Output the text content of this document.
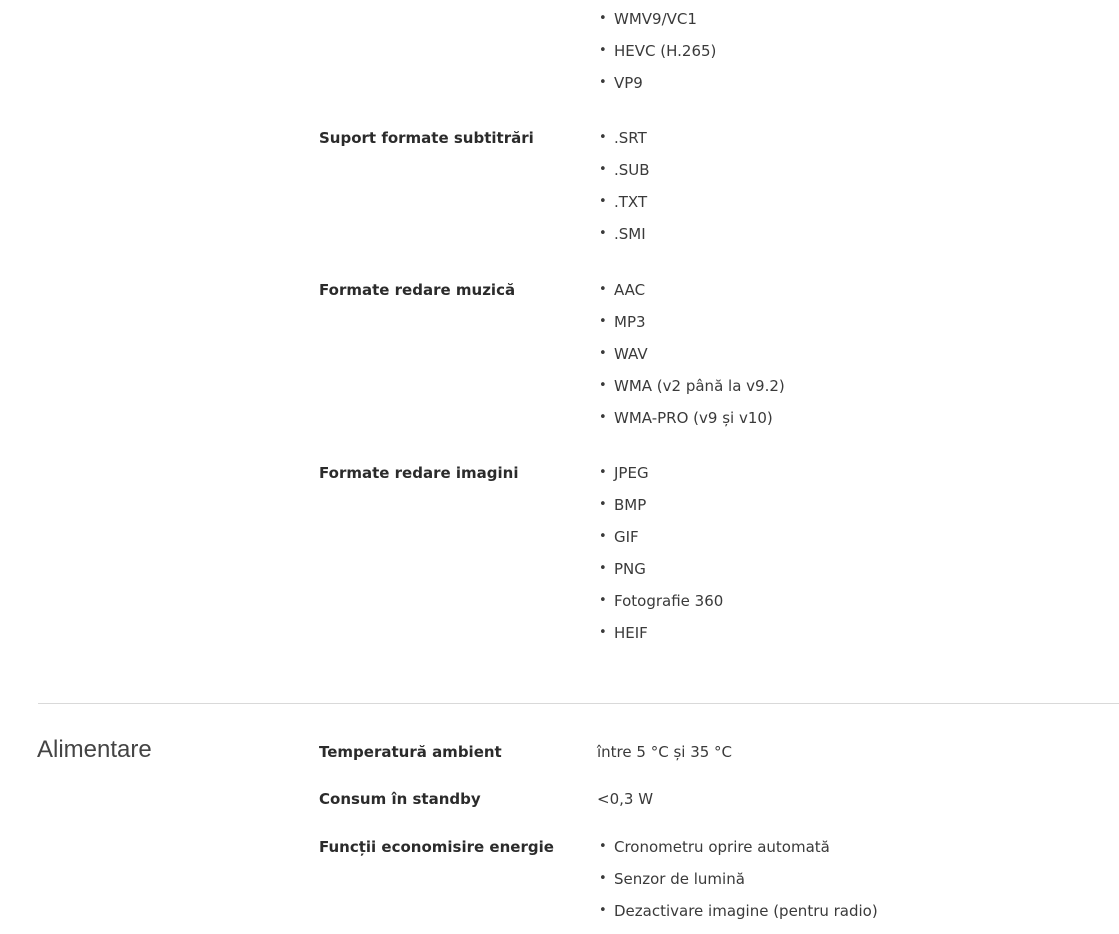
• WMV9/VC1
• HEVC (H.265)
• VP9
Suport formate subtitrări	• .SRT
• .SUB
• .TXT
• .SMI
Formate redare muzică	• AAC
• MP3
• WAV
• WMA (v2 până la v9.2)
• WMA-PRO (v9 și v10)
Formate redare imagini	• JPEG
• BMP
• GIF
• PNG
• Fotografie 360
• HEIF
Alimentare	Temperatură ambient	între 5 °C și 35 °C
Consum în standby	<0,3 W
Funcții economisire energie	• Cronometru oprire automată
• Senzor de lumină
• Dezactivare imagine (pentru radio)
